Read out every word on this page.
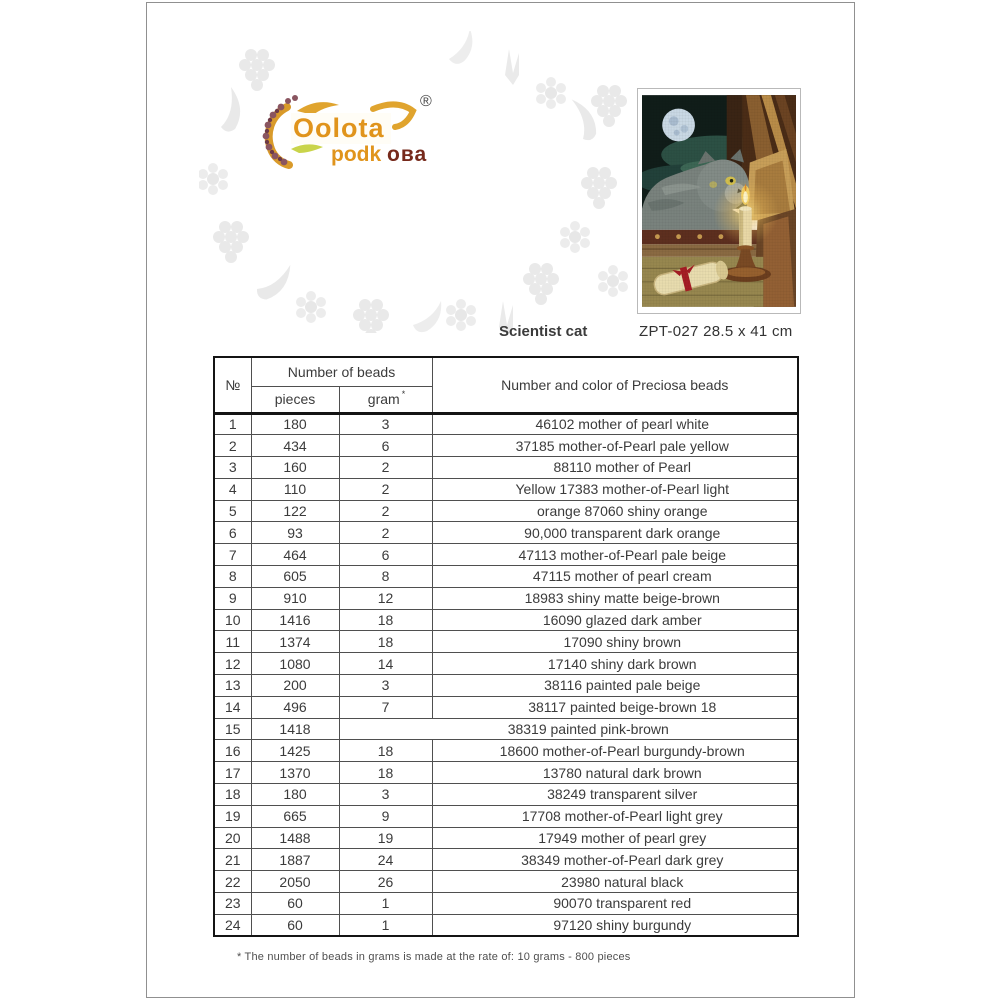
Oolota
podk ова
®
Scientist cat	ZPT-027 28.5 x 41 cm
№	Number of beads		Number and color of Preciosa beads
	pieces	gram *
1	180	3	46102 mother of pearl white
2	434	6	37185 mother-of-Pearl pale yellow
3	160	2	88110 mother of Pearl
4	110	2	Yellow 17383 mother-of-Pearl light
5	122	2	orange 87060 shiny orange
6	93	2	90,000 transparent dark orange
7	464	6	47113 mother-of-Pearl pale beige
8	605	8	47115 mother of pearl cream
9	910	12	18983 shiny matte beige-brown
10	1416	18	16090 glazed dark amber
11	1374	18	17090 shiny brown
12	1080	14	17140 shiny dark brown
13	200	3	38116 painted pale beige
14	496	7	38117 painted beige-brown 18
15	1418	38319 painted pink-brown	
16	1425	18	18600 mother-of-Pearl burgundy-brown
17	1370	18	13780 natural dark brown
18	180	3	38249 transparent silver
19	665	9	17708 mother-of-Pearl light grey
20	1488	19	17949 mother of pearl grey
21	1887	24	38349 mother-of-Pearl dark grey
22	2050	26	23980 natural black
23	60	1	90070 transparent red
24	60	1	97120 shiny burgundy
* The number of beads in grams is made at the rate of: 10 grams - 800 pieces
